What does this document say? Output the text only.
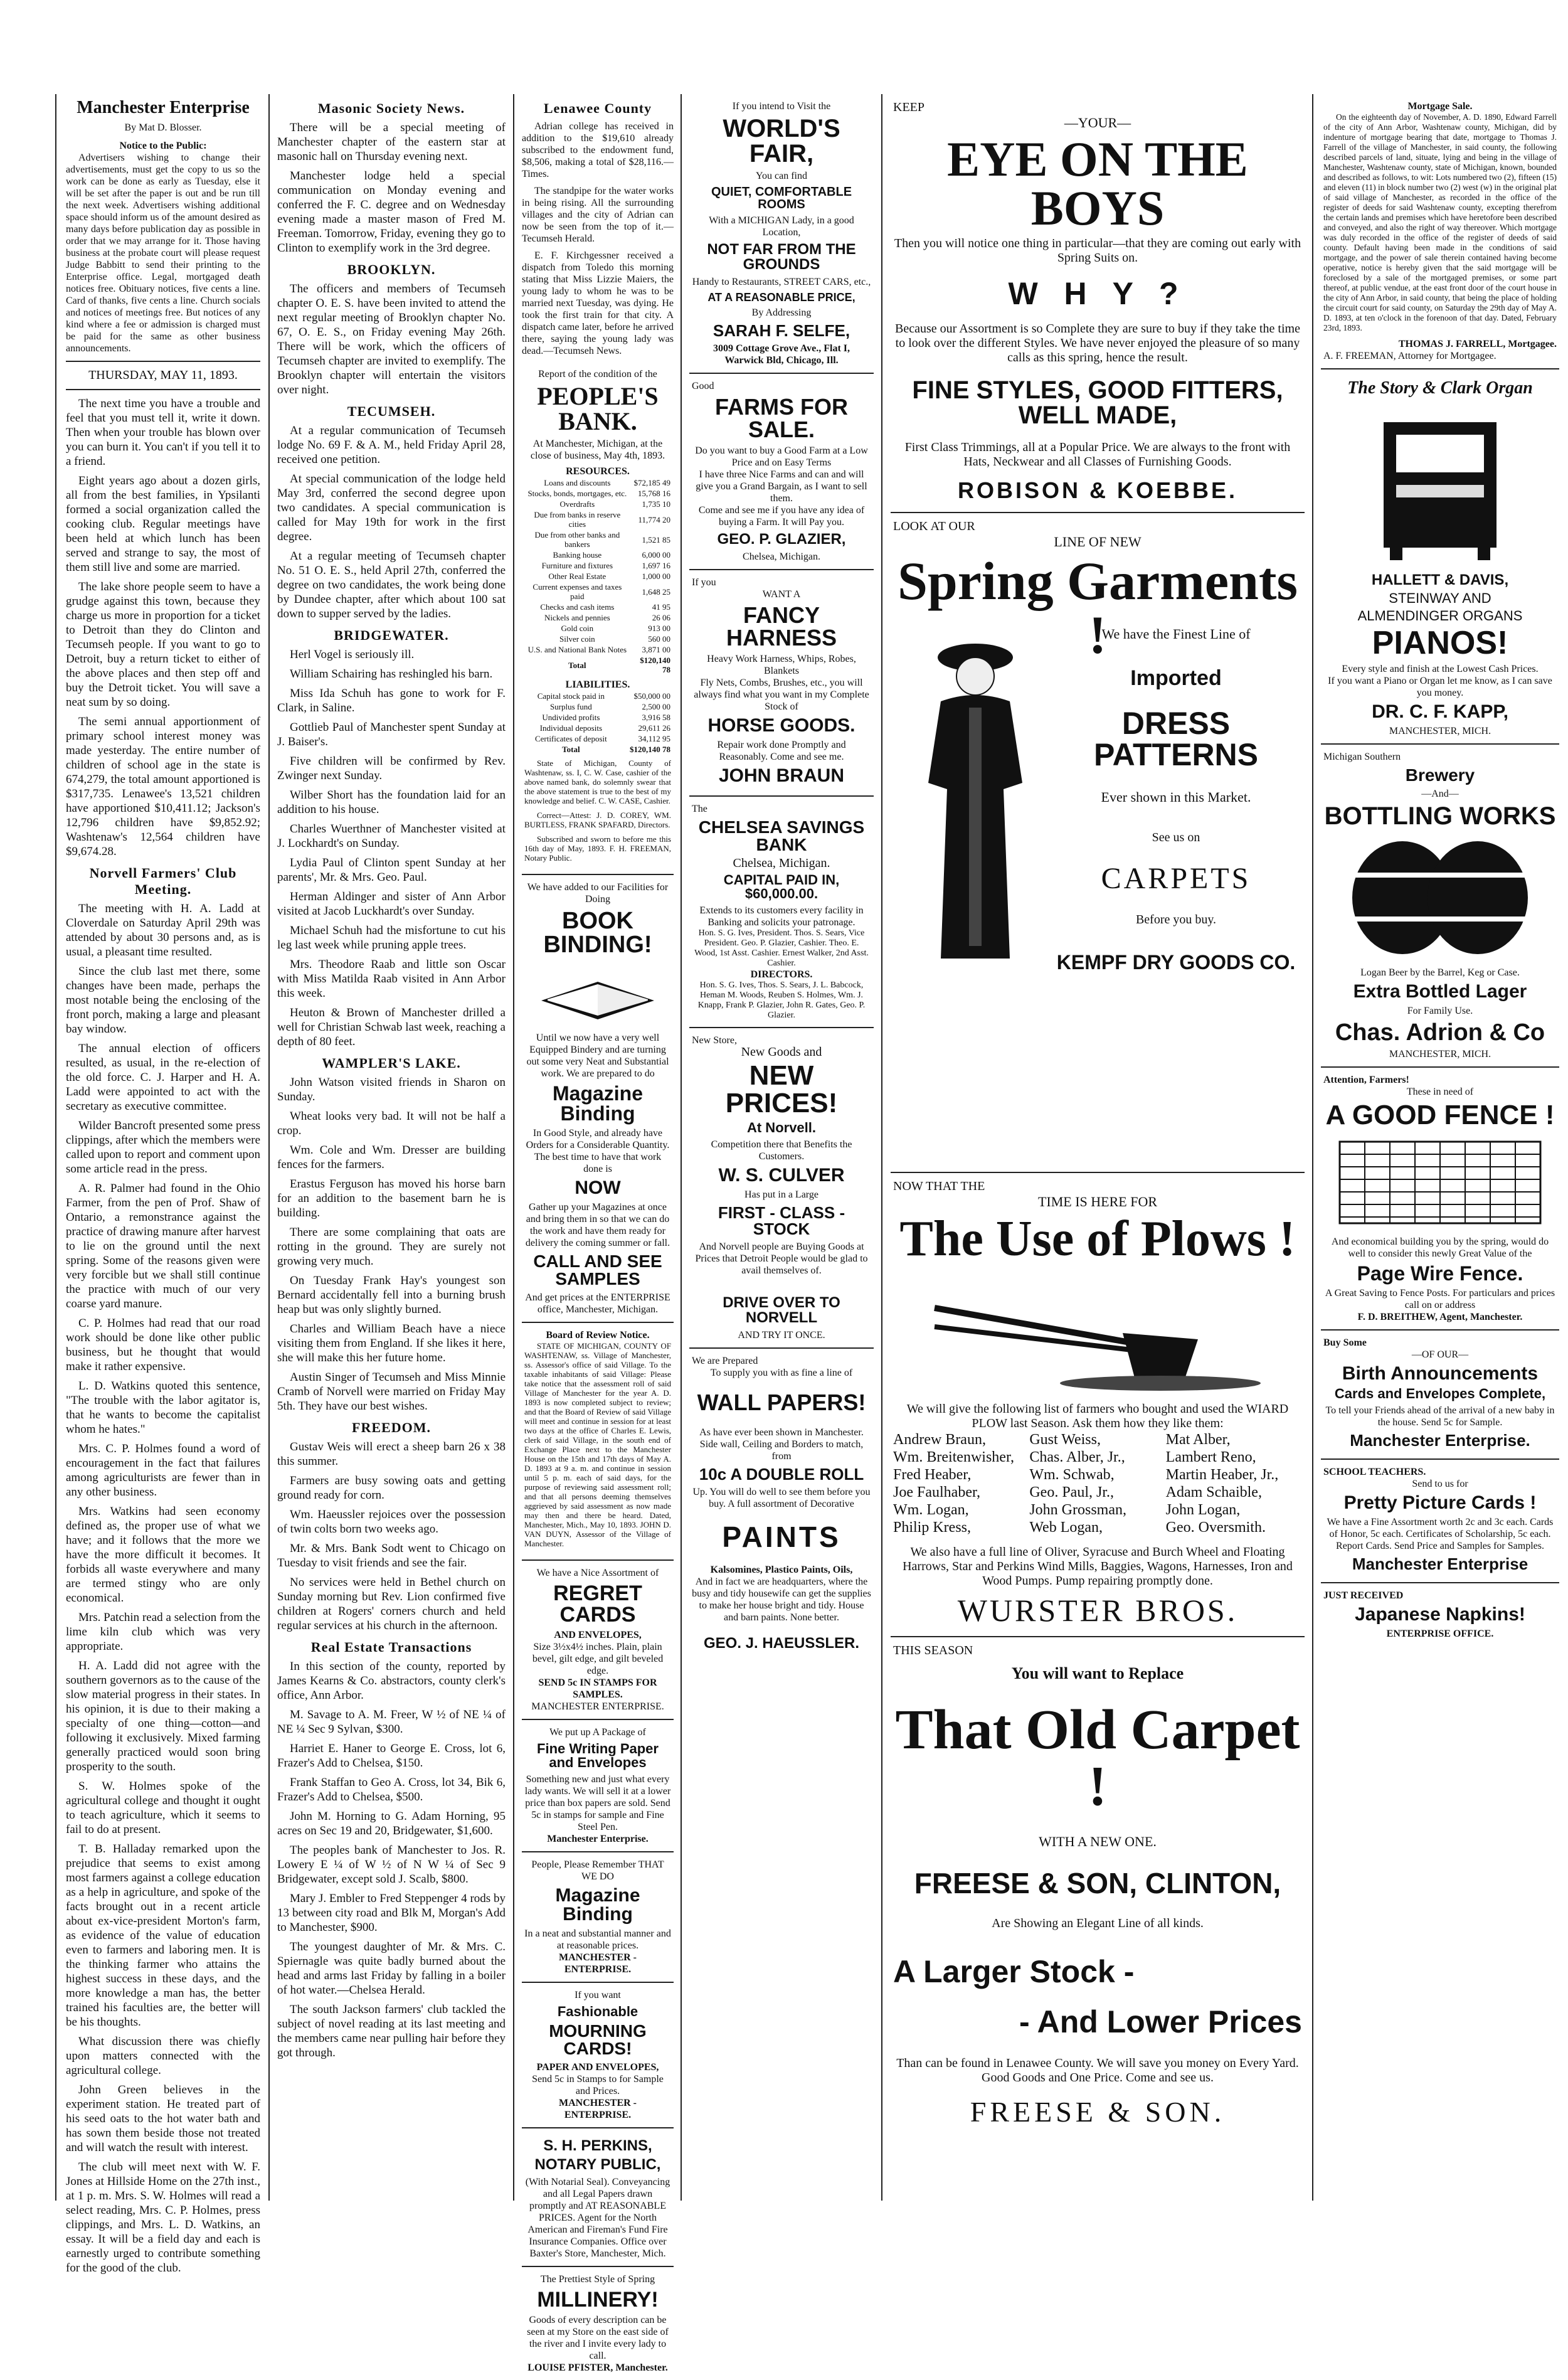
Manchester Enterprise
By Mat D. Blosser.
Notice to the Public:

Advertisers wishing to change their advertisements, must get the copy to us so the work can be done as early as Tuesday, else it will be set after the paper is out and be run till the next week. Advertisers wishing additional space should inform us of the amount desired as many days before publication day as possible in order that we may arrange for it. Those having business at the probate court will please request Judge Babbitt to send their printing to the Enterprise office. Legal, mortgaged death notices free. Obituary notices, five cents a line. Card of thanks, five cents a line. Church socials and notices of meetings free. But notices of any kind where a fee or admission is charged must be paid for the same as other business announcements.

THURSDAY, MAY 11, 1893.

The next time you have a trouble and feel that you must tell it, write it down. Then when your trouble has blown over you can burn it. You can't if you tell it to a friend.

Eight years ago about a dozen girls, all from the best families, in Ypsilanti formed a social organization called the cooking club. Regular meetings have been held at which lunch has been served and strange to say, the most of them still live and some are married.

The lake shore people seem to have a grudge against this town, because they charge us more in proportion for a ticket to Detroit than they do Clinton and Tecumseh people. If you want to go to Detroit, buy a return ticket to either of the above places and then step off and buy the Detroit ticket. You will save a neat sum by so doing.

The semi annual apportionment of primary school interest money was made yesterday. The entire number of children of school age in the state is 674,279, the total amount apportioned is $317,735. Lenawee's 13,521 children have apportioned $10,411.12; Jackson's 12,796 children have $9,852.92; Washtenaw's 12,564 children have $9,674.28.

Norvell Farmers' Club Meeting.

The meeting with H. A. Ladd at Cloverdale on Saturday April 29th was attended by about 30 persons and, as is usual, a pleasant time resulted.

Since the club last met there, some changes have been made, perhaps the most notable being the enclosing of the front porch, making a large and pleasant bay window.

The annual election of officers resulted, as usual, in the re-election of the old force. C. J. Harper and H. A. Ladd were appointed to act with the secretary as executive committee.

Wilder Bancroft presented some press clippings, after which the members were called upon to report and comment upon some article read in the press.

A. R. Palmer had found in the Ohio Farmer, from the pen of Prof. Shaw of Ontario, a remonstrance against the practice of drawing manure after harvest to lie on the ground until the next spring. Some of the reasons given were very forcible but we shall still continue the practice with much of our very coarse yard manure.

C. P. Holmes had read that our road work should be done like other public business, but he thought that would make it rather expensive.

L. D. Watkins quoted this sentence, "The trouble with the labor agitator is, that he wants to become the capitalist whom he hates."

Mrs. C. P. Holmes found a word of encouragement in the fact that failures among agriculturists are fewer than in any other business.

Mrs. Watkins had seen economy defined as, the proper use of what we have; and it follows that the more we have the more difficult it becomes. It forbids all waste everywhere and many are termed stingy who are only economical.

Mrs. Patchin read a selection from the lime kiln club which was very appropriate.

H. A. Ladd did not agree with the southern governors as to the cause of the slow material progress in their states. In his opinion, it is due to their making a specialty of one thing—cotton—and following it exclusively. Mixed farming generally practiced would soon bring prosperity to the south.

S. W. Holmes spoke of the agricultural college and thought it ought to teach agriculture, which it seems to fail to do at present.

T. B. Halladay remarked upon the prejudice that seems to exist among most farmers against a college education as a help in agriculture, and spoke of the facts brought out in a recent article about ex-vice-president Morton's farm, as evidence of the value of education even to farmers and laboring men. It is the thinking farmer who attains the highest success in these days, and the more knowledge a man has, the better trained his faculties are, the better will be his thoughts.

What discussion there was chiefly upon matters connected with the agricultural college.

John Green believes in the experiment station. He treated part of his seed oats to the hot water bath and has sown them beside those not treated and will watch the result with interest.

The club will meet next with W. F. Jones at Hillside Home on the 27th inst., at 1 p. m. Mrs. S. W. Holmes will read a select reading, Mrs. C. P. Holmes, press clippings, and Mrs. L. D. Watkins, an essay. It will be a field day and each is earnestly urged to contribute something for the good of the club.

Masonic Society News.

There will be a special meeting of Manchester chapter of the eastern star at masonic hall on Thursday evening next.

Manchester lodge held a special communication on Monday evening and conferred the F. C. degree and on Wednesday evening made a master mason of Fred M. Freeman. Tomorrow, Friday, evening they go to Clinton to exemplify work in the 3rd degree.

BROOKLYN.

The officers and members of Tecumseh chapter O. E. S. have been invited to attend the next regular meeting of Brooklyn chapter No. 67, O. E. S., on Friday evening May 26th. There will be work, which the officers of Tecumseh chapter are invited to exemplify. The Brooklyn chapter will entertain the visitors over night.

TECUMSEH.

At a regular communication of Tecumseh lodge No. 69 F. & A. M., held Friday April 28, received one petition.

At special communication of the lodge held May 3rd, conferred the second degree upon two candidates. A special communication is called for May 19th for work in the first degree.

At a regular meeting of Tecumseh chapter No. 51 O. E. S., held April 27th, conferred the degree on two candidates, the work being done by Dundee chapter, after which about 100 sat down to supper served by the ladies.

BRIDGEWATER.

Herl Vogel is seriously ill.

William Schairing has reshingled his barn.

Miss Ida Schuh has gone to work for F. Clark, in Saline.

Gottlieb Paul of Manchester spent Sunday at J. Baiser's.

Five children will be confirmed by Rev. Zwinger next Sunday.

Wilber Short has the foundation laid for an addition to his house.

Charles Wuerthner of Manchester visited at J. Lockhardt's on Sunday.

Lydia Paul of Clinton spent Sunday at her parents', Mr. & Mrs. Geo. Paul.

Herman Aldinger and sister of Ann Arbor visited at Jacob Luckhardt's over Sunday.

Michael Schuh had the misfortune to cut his leg last week while pruning apple trees.

Mrs. Theodore Raab and little son Oscar with Miss Matilda Raab visited in Ann Arbor this week.

Heuton & Brown of Manchester drilled a well for Christian Schwab last week, reaching a depth of 80 feet.

WAMPLER'S LAKE.

John Watson visited friends in Sharon on Sunday.

Wheat looks very bad. It will not be half a crop.

Wm. Cole and Wm. Dresser are building fences for the farmers.

Erastus Ferguson has moved his horse barn for an addition to the basement barn he is building.

There are some complaining that oats are rotting in the ground. They are surely not growing very much.

On Tuesday Frank Hay's youngest son Bernard accidentally fell into a burning brush heap but was only slightly burned.

Charles and William Beach have a niece visiting them from England. If she likes it here, she will make this her future home.

Austin Singer of Tecumseh and Miss Minnie Cramb of Norvell were married on Friday May 5th. They have our best wishes.

FREEDOM.

Gustav Weis will erect a sheep barn 26 x 38 this summer.

Farmers are busy sowing oats and getting ground ready for corn.

Wm. Haeussler rejoices over the possession of twin colts born two weeks ago.

Mr. & Mrs. Bank Sodt went to Chicago on Tuesday to visit friends and see the fair.

No services were held in Bethel church on Sunday morning but Rev. Lion confirmed five children at Rogers' corners church and held regular services at his church in the afternoon.

Real Estate Transactions

In this section of the county, reported by James Kearns & Co. abstractors, county clerk's office, Ann Arbor.

M. Savage to A. M. Freer, W ½ of NE ¼ of NE ¼ Sec 9 Sylvan, $300.

Harriet E. Haner to George E. Cross, lot 6, Frazer's Add to Chelsea, $150.

Frank Staffan to Geo A. Cross, lot 34, Bik 6, Frazer's Add to Chelsea, $500.

John M. Horning to G. Adam Horning, 95 acres on Sec 19 and 20, Bridgewater, $1,600.

The peoples bank of Manchester to Jos. R. Lowery E ¼ of W ½ of N W ¼ of Sec 9 Bridgewater, except sold J. Scalb, $800.

Mary J. Embler to Fred Steppenger 4 rods by 13 between city road and Blk M, Morgan's Add to Manchester, $900.

The youngest daughter of Mr. & Mrs. C. Spiernagle was quite badly burned about the head and arms last Friday by falling in a boiler of hot water.—Chelsea Herald.

The south Jackson farmers' club tackled the subject of novel reading at its last meeting and the members came near pulling hair before they got through.

Lenawee County

Adrian college has received in addition to the $19,610 already subscribed to the endowment fund, $8,506, making a total of $28,116.—Times.

The standpipe for the water works in being rising. All the surrounding villages and the city of Adrian can now be seen from the top of it.—Tecumseh Herald.

E. F. Kirchgessner received a dispatch from Toledo this morning stating that Miss Lizzie Maiers, the young lady to whom he was to be married next Tuesday, was dying. He took the first train for that city. A dispatch came later, before he arrived there, saying the young lady was dead.—Tecumseh News.

Report of the condition of the
PEOPLE'S BANK.
At Manchester, Michigan, at the close of business, May 4th, 1893.
RESOURCES.
Loans and discounts	$72,185 49
Stocks, bonds, mortgages, etc.	15,768 16
Overdrafts	1,735 10
Due from banks in reserve cities	11,774 20
Due from other banks and bankers	1,521 85
Banking house	6,000 00
Furniture and fixtures	1,697 16
Other Real Estate	1,000 00
Current expenses and taxes paid	1,648 25
Checks and cash items	41 95
Nickels and pennies	26 06
Gold coin	913 00
Silver coin	560 00
U.S. and National Bank Notes	3,871 00
Total	$120,140 78
LIABILITIES.
Capital stock paid in	$50,000 00
Surplus fund	2,500 00
Undivided profits	3,916 58
Individual deposits	29,611 26
Certificates of deposit	34,112 95
Total	$120,140 78

State of Michigan, County of Washtenaw, ss. I, C. W. Case, cashier of the above named bank, do solemnly swear that the above statement is true to the best of my knowledge and belief. C. W. CASE, Cashier.

Correct—Attest: J. D. COREY, WM. BURTLESS, FRANK SPAFARD, Directors.

Subscribed and sworn to before me this 16th day of May, 1893. F. H. FREEMAN, Notary Public.

We have added to our Facilities for Doing
BOOK BINDING!
Until we now have a very well Equipped Bindery and are turning out some very Neat and Substantial work. We are prepared to do
Magazine Binding
In Good Style, and already have Orders for a Considerable Quantity. The best time to have that work done is
NOW
Gather up your Magazines at once and bring them in so that we can do the work and have them ready for delivery the coming summer or fall.
CALL AND SEE SAMPLES
And get prices at the ENTERPRISE office, Manchester, Michigan.
Board of Review Notice.

STATE OF MICHIGAN, COUNTY OF WASHTENAW, ss. Village of Manchester, ss. Assessor's office of said Village. To the taxable inhabitants of said Village: Please take notice that the assessment roll of said Village of Manchester for the year A. D. 1893 is now completed subject to review; and that the Board of Review of said Village will meet and continue in session for at least two days at the office of Charles E. Lewis, clerk of said Village, in the south end of Exchange Place next to the Manchester House on the 15th and 17th days of May A. D. 1893 at 9 a. m. and continue in session until 5 p. m. each of said days, for the purpose of reviewing said assessment roll; and that all persons deeming themselves aggrieved by said assessment as now made may then and there be heard. Dated, Manchester, Mich., May 10, 1893. JOHN D. VAN DUYN, Assessor of the Village of Manchester.

We have a Nice Assortment of
REGRET CARDS
AND ENVELOPES,
Size 3½x4½ inches. Plain, plain bevel, gilt edge, and gilt beveled edge.
SEND 5c IN STAMPS FOR SAMPLES.
MANCHESTER ENTERPRISE.
We put up A Package of
Fine Writing Paper and Envelopes
Something new and just what every lady wants. We will sell it at a lower price than box papers are sold. Send 5c in stamps for sample and Fine Steel Pen.
Manchester Enterprise.
People, Please Remember THAT WE DO
Magazine Binding
In a neat and substantial manner and at reasonable prices.
MANCHESTER - ENTERPRISE.
If you want
Fashionable
MOURNING CARDS!
PAPER AND ENVELOPES,
Send 5c in Stamps to for Sample and Prices.
MANCHESTER - ENTERPRISE.
S. H. PERKINS,
NOTARY PUBLIC,
(With Notarial Seal). Conveyancing and all Legal Papers drawn promptly and AT REASONABLE PRICES. Agent for the North American and Fireman's Fund Fire Insurance Companies. Office over Baxter's Store, Manchester, Mich.
The Prettiest Style of Spring
MILLINERY!
Goods of every description can be seen at my Store on the east side of the river and I invite every lady to call.
LOUISE PFISTER, Manchester.
If you intend to Visit the
WORLD'S FAIR,
You can find
QUIET, COMFORTABLE ROOMS
With a MICHIGAN Lady, in a good Location,
NOT FAR FROM THE GROUNDS
Handy to Restaurants, STREET CARS, etc.,
AT A REASONABLE PRICE,
By Addressing
SARAH F. SELFE,
3009 Cottage Grove Ave., Flat I,
Warwick Bld, Chicago, Ill.
Good
FARMS FOR SALE.
Do you want to buy a Good Farm at a Low Price and on Easy Terms
I have three Nice Farms and can and will give you a Grand Bargain, as I want to sell them.
Come and see me if you have any idea of buying a Farm. It will Pay you.
GEO. P. GLAZIER,
Chelsea, Michigan.
If you
WANT A
FANCY HARNESS
Heavy Work Harness, Whips, Robes, Blankets
Fly Nets, Combs, Brushes, etc., you will always find what you want in my Complete Stock of
HORSE GOODS.
Repair work done Promptly and Reasonably. Come and see me.
JOHN BRAUN
The
CHELSEA SAVINGS BANK
Chelsea, Michigan.
CAPITAL PAID IN, $60,000.00.
Extends to its customers every facility in Banking and solicits your patronage.
Hon. S. G. Ives, President. Thos. S. Sears, Vice President. Geo. P. Glazier, Cashier. Theo. E. Wood, 1st Asst. Cashier. Ernest Walker, 2nd Asst. Cashier.
DIRECTORS.
Hon. S. G. Ives, Thos. S. Sears, J. L. Babcock, Heman M. Woods, Reuben S. Holmes, Wm. J. Knapp, Frank P. Glazier, John R. Gates, Geo. P. Glazier.
New Store,
New Goods and
NEW PRICES!
At Norvell.
Competition there that Benefits the Customers.
W. S. CULVER
Has put in a Large
FIRST - CLASS - STOCK
And Norvell people are Buying Goods at Prices that Detroit People would be glad to avail themselves of.
DRIVE OVER TO NORVELL
AND TRY IT ONCE.
We are Prepared
To supply you with as fine a line of
WALL PAPERS!
As have ever been shown in Manchester. Side wall, Ceiling and Borders to match, from
10c A DOUBLE ROLL
Up. You will do well to see them before you buy. A full assortment of Decorative
PAINTS
Kalsomines, Plastico Paints, Oils,
And in fact we are headquarters, where the busy and tidy housewife can get the supplies to make her house bright and tidy. House and barn paints. None better.
GEO. J. HAEUSSLER.
KEEP
—YOUR—
EYE ON THE BOYS
Then you will notice one thing in particular—that they are coming out early with Spring Suits on.
W H Y ?
Because our Assortment is so Complete they are sure to buy if they take the time to look over the different Styles. We have never enjoyed the pleasure of so many calls as this spring, hence the result.
FINE STYLES, GOOD FITTERS, WELL MADE,
First Class Trimmings, all at a Popular Price. We are always to the front with Hats, Neckwear and all Classes of Furnishing Goods.
ROBISON & KOEBBE.
LOOK AT OUR
LINE OF NEW
Spring Garments !
We have the Finest Line of
Imported
DRESS PATTERNS
Ever shown in this Market.
See us on
CARPETS
Before you buy.
KEMPF DRY GOODS CO.
NOW THAT THE
TIME IS HERE FOR
The Use of Plows !
We will give the following list of farmers who bought and used the WIARD PLOW last Season. Ask them how they like them:
Andrew Braun,	Gust Weiss,	Mat Alber,
Wm. Breitenwisher,	Chas. Alber, Jr.,	Lambert Reno,
Fred Heaber,	Wm. Schwab,	Martin Heaber, Jr.,
Joe Faulhaber,	Geo. Paul, Jr.,	Adam Schaible,
Wm. Logan,	John Grossman,	John Logan,
Philip Kress,	Web Logan,	Geo. Oversmith.
We also have a full line of Oliver, Syracuse and Burch Wheel and Floating Harrows, Star and Perkins Wind Mills, Baggies, Wagons, Harnesses, Iron and Wood Pumps. Pump repairing promptly done.
WURSTER BROS.
THIS SEASON
You will want to Replace
That Old Carpet !
WITH A NEW ONE.
FREESE & SON, CLINTON,
Are Showing an Elegant Line of all kinds.
A Larger Stock -
- And Lower Prices
Than can be found in Lenawee County. We will save you money on Every Yard. Good Goods and One Price. Come and see us.
FREESE & SON.
Mortgage Sale.

On the eighteenth day of November, A. D. 1890, Edward Farrell of the city of Ann Arbor, Washtenaw county, Michigan, did by indenture of mortgage bearing that date, mortgage to Thomas J. Farrell of the village of Manchester, in said county, the following described parcels of land, situate, lying and being in the village of Manchester, Washtenaw county, state of Michigan, known, bounded and described as follows, to wit: Lots numbered two (2), fifteen (15) and eleven (11) in block number two (2) west (w) in the original plat of said village of Manchester, as recorded in the office of the register of deeds for said Washtenaw county, excepting therefrom the certain lands and premises which have heretofore been described and conveyed, and also the right of way thereover. Which mortgage was duly recorded in the office of the register of deeds of said county. Default having been made in the conditions of said mortgage, and the power of sale therein contained having become operative, notice is hereby given that the said mortgage will be foreclosed by a sale of the mortgaged premises, or some part thereof, at public vendue, at the east front door of the court house in the city of Ann Arbor, in said county, that being the place of holding the circuit court for said county, on Saturday the 29th day of May A. D. 1893, at ten o'clock in the forenoon of that day. Dated, February 23rd, 1893.

THOMAS J. FARRELL, Mortgagee.
A. F. FREEMAN, Attorney for Mortgagee.
The Story & Clark Organ
HALLETT & DAVIS,
STEINWAY AND
ALMENDINGER ORGANS
PIANOS!
Every style and finish at the Lowest Cash Prices.
If you want a Piano or Organ let me know, as I can save you money.
DR. C. F. KAPP,
MANCHESTER, MICH.
Michigan Southern
Brewery
—And—
BOTTLING WORKS
Logan Beer by the Barrel, Keg or Case.
Extra Bottled Lager
For Family Use.
Chas. Adrion & Co
MANCHESTER, MICH.
Attention, Farmers!
These in need of
A GOOD FENCE !
And economical building you by the spring, would do well to consider this newly Great Value of the
Page Wire Fence.
A Great Saving to Fence Posts. For particulars and prices call on or address
F. D. BREITHEW, Agent, Manchester.
Buy Some
—OF OUR—
Birth Announcements
Cards and Envelopes Complete,
To tell your Friends ahead of the arrival of a new baby in the house. Send 5c for Sample.
Manchester Enterprise.
SCHOOL TEACHERS.
Send to us for
Pretty Picture Cards !
We have a Fine Assortment worth 2c and 3c each. Cards of Honor, 5c each. Certificates of Scholarship, 5c each. Report Cards. Send Price and Samples for Samples.
Manchester Enterprise
JUST RECEIVED
Japanese Napkins!
ENTERPRISE OFFICE.
